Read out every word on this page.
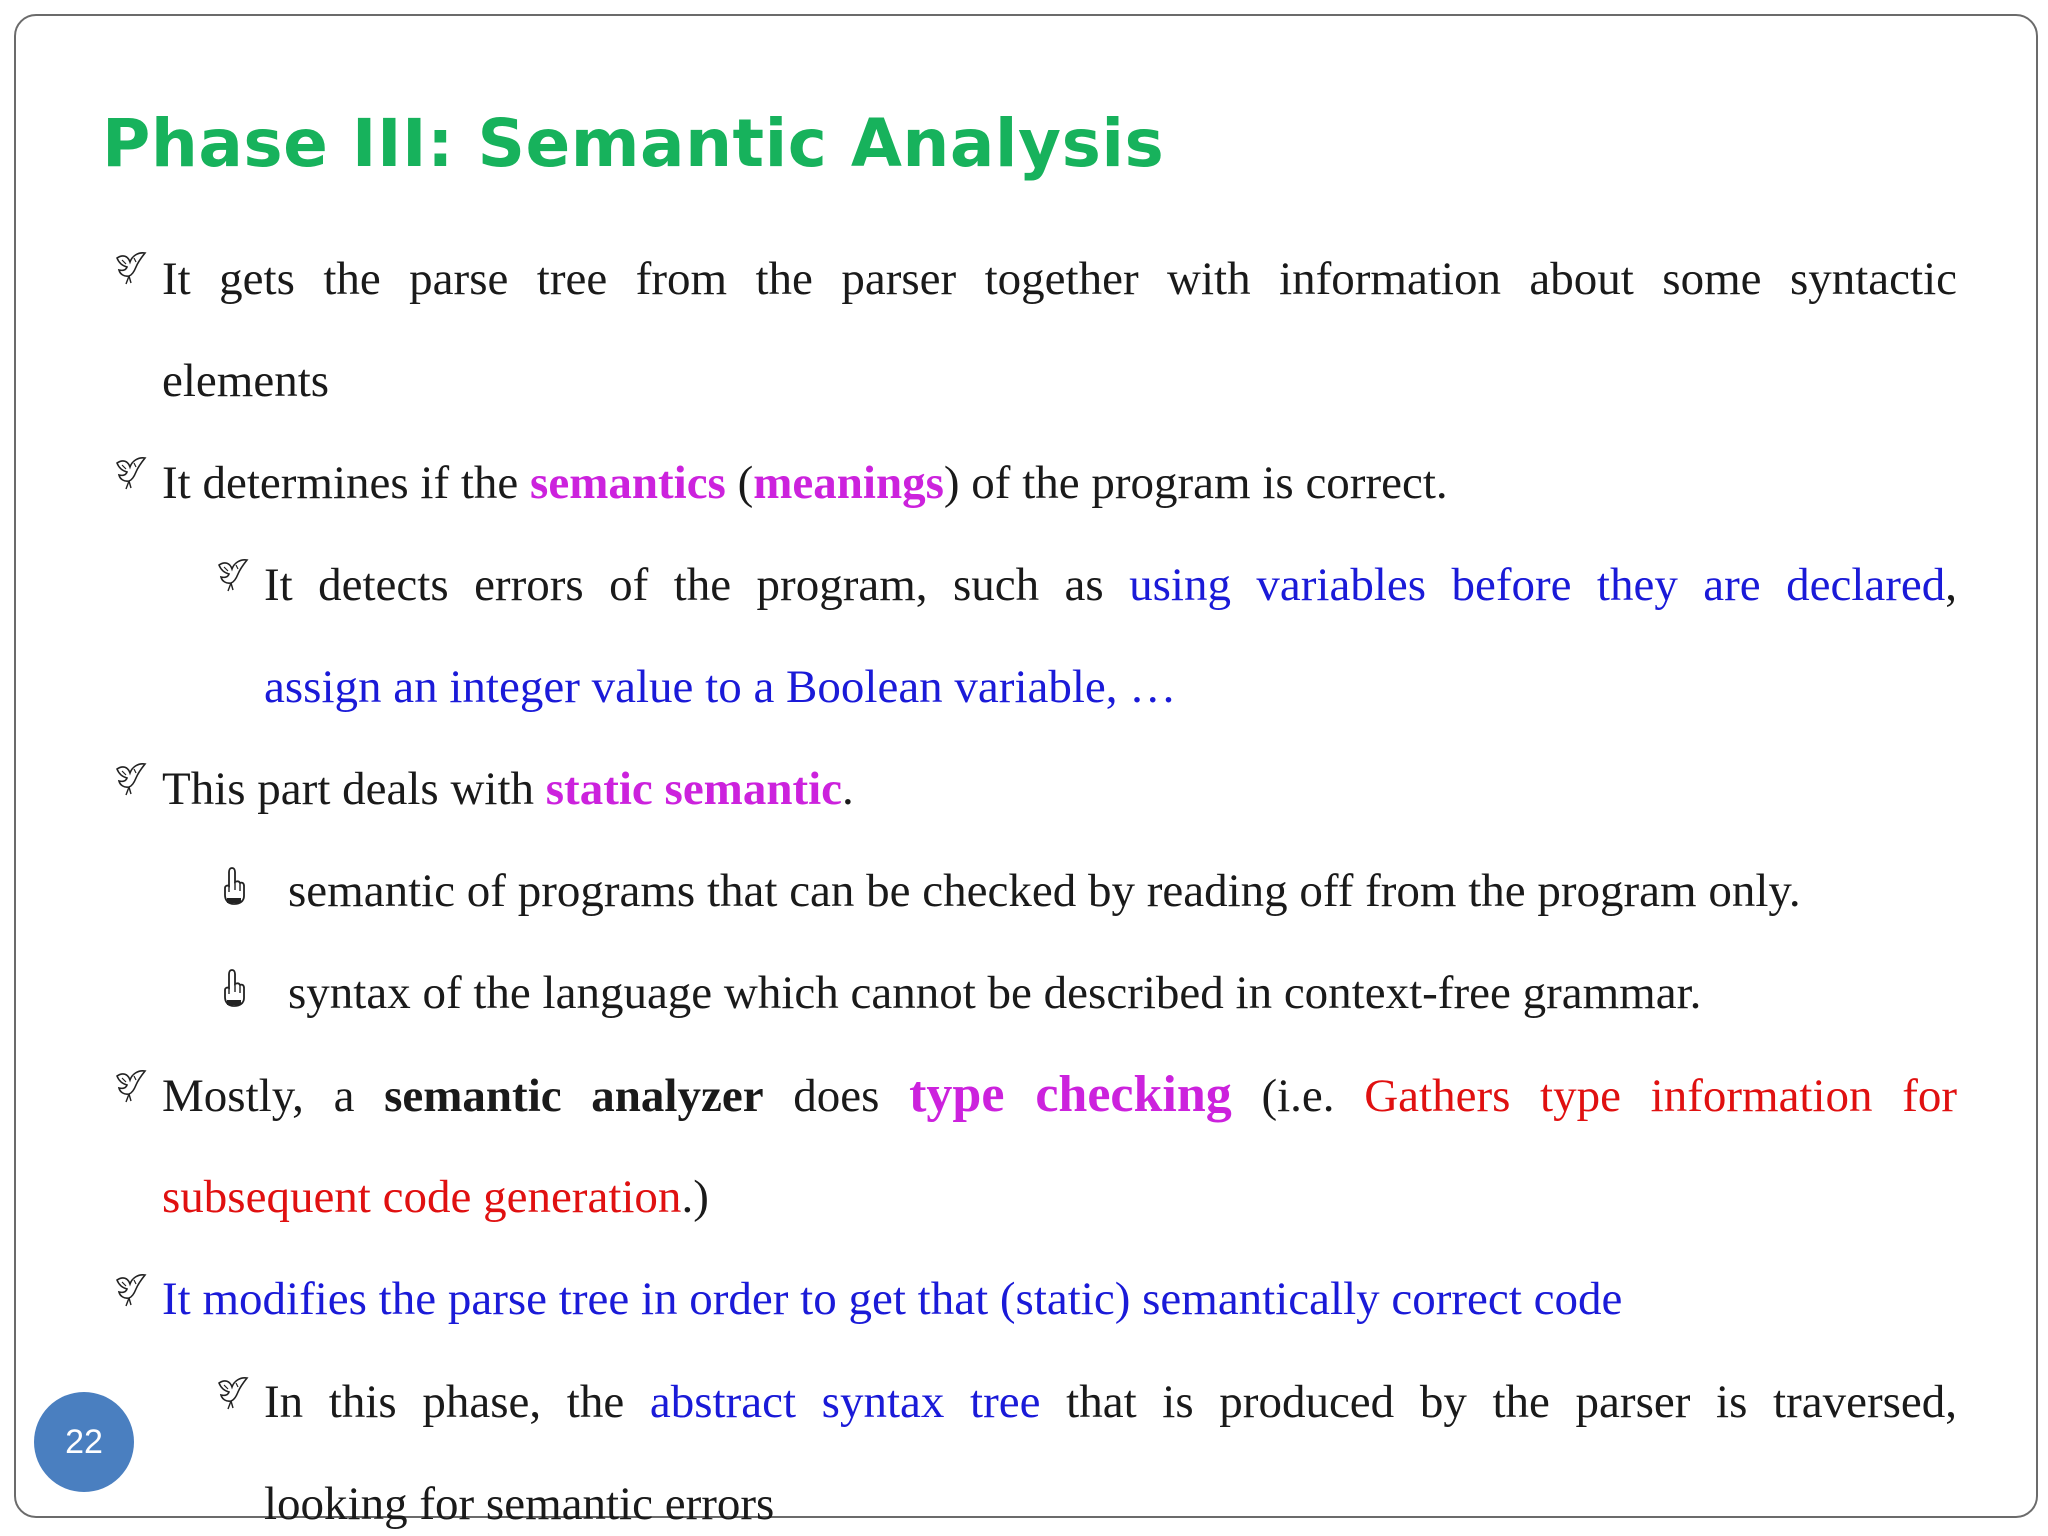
Phase III: Semantic Analysis
It gets the parse tree from the parser together with information about some syntactic
elements
It determines if the semantics (meanings) of the program is correct.
It detects errors of the program, such as using variables before they are declared,
assign an integer value to a Boolean variable, …
This part deals with static semantic.
semantic of programs that can be checked by reading off from the program only.
syntax of the language which cannot be described in context-free grammar.
Mostly, a semantic analyzer does type checking (i.e. Gathers type information for
subsequent code generation.)
It modifies the parse tree in order to get that (static) semantically correct code
In this phase, the abstract syntax tree that is produced by the parser is traversed,
looking for semantic errors
22
